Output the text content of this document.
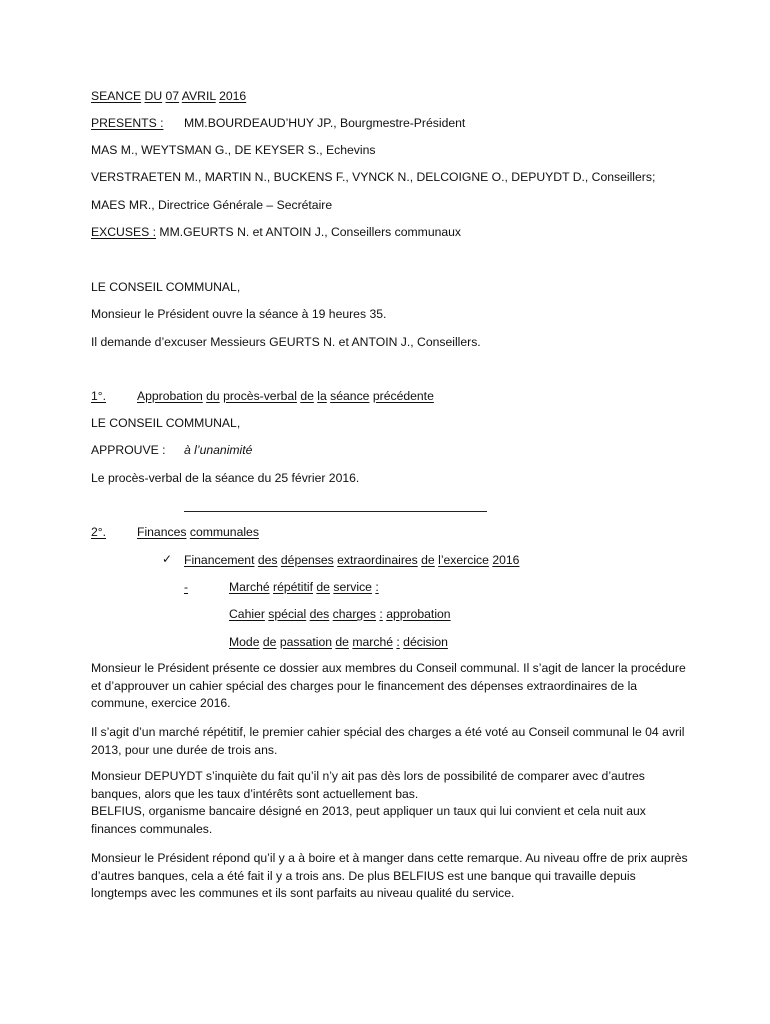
SEANCE DU 07 AVRIL 2016
PRESENTS : MM.BOURDEAUD’HUY JP., Bourgmestre-Président
MAS M., WEYTSMAN G., DE KEYSER S., Echevins
VERSTRAETEN M., MARTIN N., BUCKENS F., VYNCK N., DELCOIGNE O., DEPUYDT D., Conseillers;
MAES MR., Directrice Générale – Secrétaire
EXCUSES : MM.GEURTS N. et ANTOIN J., Conseillers communaux
LE CONSEIL COMMUNAL,
Monsieur le Président ouvre la séance à 19 heures 35.
Il demande d’excuser Messieurs GEURTS N. et ANTOIN J., Conseillers.
1°.	Approbation du procès-verbal de la séance précédente
LE CONSEIL COMMUNAL,
APPROUVE : à l’unanimité
Le procès-verbal de la séance du 25 février 2016.
2°.	Finances communales
✓ Financement des dépenses extraordinaires de l’exercice 2016
-	Marché répétitif de service :
Cahier spécial des charges : approbation
Mode de passation de marché : décision

Monsieur le Président présente ce dossier aux membres du Conseil communal. Il s’agit de lancer la procédure et d’approuver un cahier spécial des charges pour le financement des dépenses extraordinaires de la commune, exercice 2016.

Il s’agit d’un marché répétitif, le premier cahier spécial des charges a été voté au Conseil communal le 04 avril 2013, pour une durée de trois ans.

Monsieur DEPUYDT s’inquiète du fait qu’il n’y ait pas dès lors de possibilité de comparer avec d’autres banques, alors que les taux d’intérêts sont actuellement bas.

BELFIUS, organisme bancaire désigné en 2013, peut appliquer un taux qui lui convient et cela nuit aux finances communales.

Monsieur le Président répond qu’il y a à boire et à manger dans cette remarque. Au niveau offre de prix auprès d’autres banques, cela a été fait il y a trois ans. De plus BELFIUS est une banque qui travaille depuis longtemps avec les communes et ils sont parfaits au niveau qualité du service.
